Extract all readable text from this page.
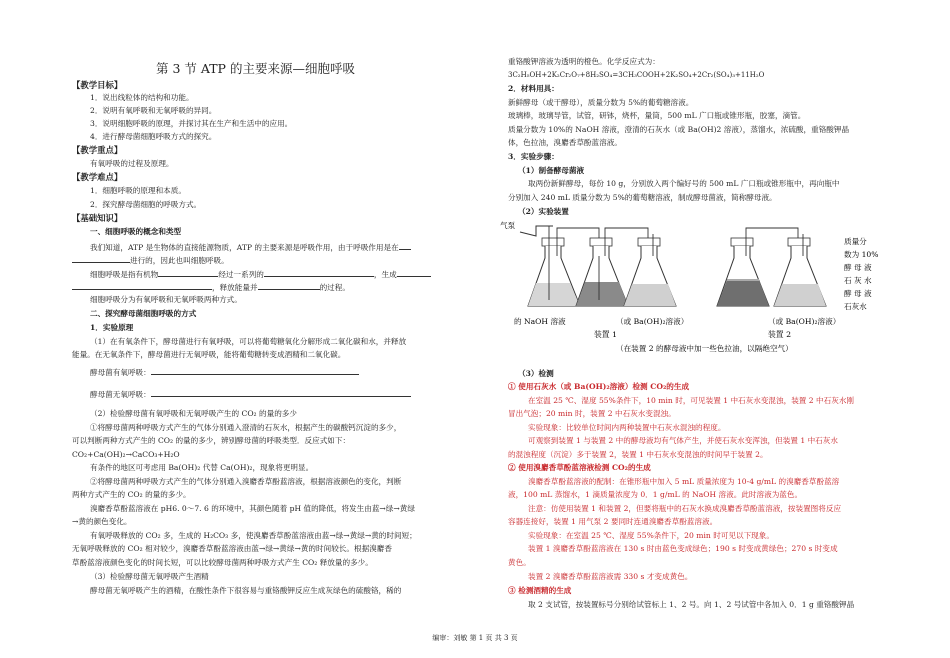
第 3 节 ATP 的主要来源—细胞呼吸
【教学目标】
1．说出线粒体的结构和功能。
2．说明有氧呼吸和无氧呼吸的异同。
3．说明细胞呼吸的原理，并探讨其在生产和生活中的应用。
4．进行酵母菌细胞呼吸方式的探究。
【教学重点】
有氧呼吸的过程及原理。
【教学难点】
1．细胞呼吸的原理和本质。
2．探究酵母菌细胞的呼吸方式。
【基础知识】
一、细胞呼吸的概念和类型
我们知道，ATP 是生物体的直接能源物质，ATP 的主要来源是呼吸作用，由于呼吸作用是在
进行的，因此也叫细胞呼吸。
细胞呼吸是指有机物	经过一系列的	，生成
，释放能量并	的过程。
细胞呼吸分为有氧呼吸和无氧呼吸两种方式。
二、探究酵母菌细胞呼吸的方式
1．实验原理
（1）在有氧条件下，酵母菌进行有氧呼吸，可以将葡萄糖氧化分解形成二氧化碳和水，并释放
能量。在无氧条件下，酵母菌进行无氧呼吸，能将葡萄糖转变成酒精和二氧化碳。
酵母菌有氧呼吸：
酵母菌无氧呼吸：
（2）检验酵母菌有氧呼吸和无氧呼吸产生的 CO₂ 的量的多少
①将酵母菌两种呼吸方式产生的气体分别通入澄清的石灰水，根据产生的碳酸钙沉淀的多少，
可以判断两种方式产生的 CO₂ 的量的多少，辨别酵母菌的呼吸类型．反应式如下：
CO₂+Ca(OH)₂→CaCO₃+H₂O
有条件的地区可考虑用 Ba(OH)₂ 代替 Ca(OH)₂，现象将更明显。
②将酵母菌两种呼吸方式产生的气体分别通入溴麝香草酚蓝溶液，根据溶液颜色的变化，判断
两种方式产生的 CO₂ 的量的多少。
溴麝香草酚蓝溶液在 pH6. 0～7. 6 的环境中，其颜色随着 pH 值的降低，将发生由蓝→绿→黄绿
→黄的颜色变化。
有氧呼吸释放的 CO₂ 多，生成的 H₂CO₃ 多，使溴麝香草酚蓝溶液由蓝→绿→黄绿→黄的时间短；
无氧呼吸释放的 CO₂ 相对较少，溴麝香草酚蓝溶液由蓝→绿→黄绿→黄的时间较长。根据溴麝香
草酚蓝溶液颜色变化的时间长短，可以比较酵母菌两种呼吸方式产生 CO₂ 释放量的多少。
（3）检验酵母菌无氧呼吸产生酒精
酵母菌无氧呼吸产生的酒精，在酸性条件下很容易与重铬酸钾反应生成灰绿色的硫酸铬，稀的
重铬酸钾溶液为透明的橙色。化学反应式为：
3C₂H₅OH+2K₂Cr₂O₇+8H₂SO₄=3CH₃COOH+2K₂SO₄+2Cr₂(SO₄)₃+11H₂O
2．材料用具：
新鲜酵母（或干酵母），质量分数为 5%的葡萄糖溶液。
玻璃棒，玻璃导管，试管，研钵，烧杯，量筒，500 mL 广口瓶或锥形瓶，胶塞，滴管。
质量分数为 10%的 NaOH 溶液，澄清的石灰水（或 Ba(OH)2 溶液），蒸馏水，浓硫酸，重铬酸钾晶
体，色拉油，溴麝香草酚蓝溶液。
3．实验步骤：
（1）制备酵母菌液
取两份新鲜酵母，每份 10 g，分别放入两个编好号的 500 mL 广口瓶或锥形瓶中，再向瓶中
分别加入 240 mL 质量分数为 5%的葡萄糖溶液，制成酵母菌液，简称酵母液。
（2）实验装置
气泵
质量分
数为 10%
酵 母 液
石 灰 水
酵 母 液
石灰水
的 NaOH 溶液	（或 Ba(OH)₂溶液）	（或 Ba(OH)₂溶液）
装置 1	装置 2
（在装置 2 的酵母液中加一些色拉油，以隔绝空气）
（3）检测
① 使用石灰水（或 Ba(OH)₂溶液）检测 CO₂的生成
在室温 25 ℃、湿度 55%条件下，10 min 时，可见装置 1 中石灰水变混浊，装置 2 中石灰水刚
冒出气泡；20 min 时，装置 2 中石灰水变混浊。
实验现象：比较单位时间内两种装置中石灰水混浊的程度。
可观察到装置 1 与装置 2 中的酵母液均有气体产生，并使石灰水变浑浊，但装置 1 中石灰水
的混浊程度（沉淀）多于装置 2，装置 1 中石灰水变混浊的时间早于装置 2。
② 使用溴麝香草酚蓝溶液检测 CO₂的生成
溴麝香草酚蓝溶液的配制：在锥形瓶中加入 5 mL 质量浓度为 10-4 g/mL 的溴麝香草酚蓝溶
液，100 mL 蒸馏水，1 滴质量浓度为 0．1 g/mL 的 NaOH 溶液。此时溶液为蓝色。
注意：仿使用装置 1 和装置 2，但要将瓶中的石灰水换成溴麝香草酚蓝溶液，按装置图将反应
容器连接好，装置 1 用气泵 2 要同时连通溴麝香草酚蓝溶液。
实验现象：在室温 25 ℃、湿度 55%条件下，20 min 时可见以下现象。
装置 1 溴麝香草酚蓝溶液在 130 s 时由蓝色变成绿色；190 s 时变成黄绿色；270 s 时变成
黄色。
装置 2 溴麝香草酚蓝溶液需 330 s 才变成黄色。
③ 检测酒精的生成
取 2 支试管，按装置标号分别给试管标上 1、2 号。向 1、2 号试管中各加入 0．1 g 重铬酸钾晶
编审：刘敏 第 1 页 共 3 页
